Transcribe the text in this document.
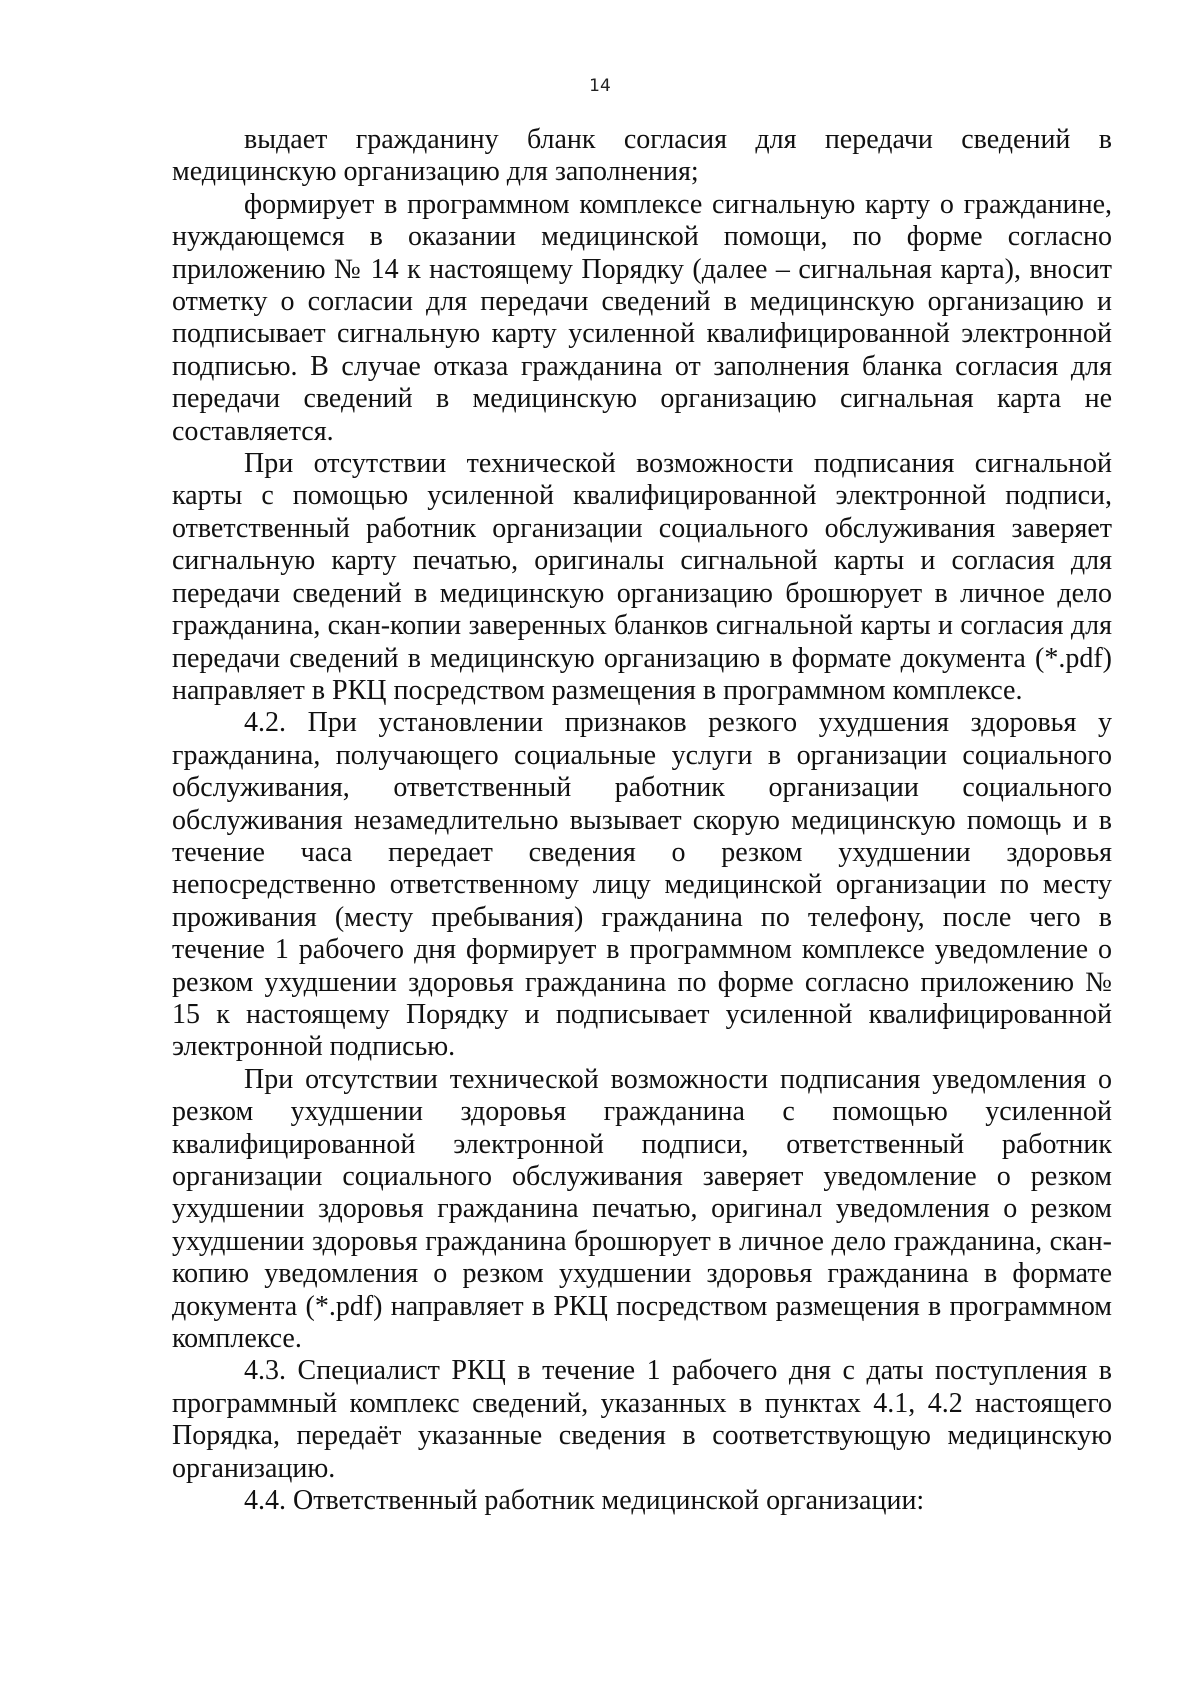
14

выдает гражданину бланк согласия для передачи сведений в медицинскую организацию для заполнения;

формирует в программном комплексе сигнальную карту о гражданине, нуждающемся в оказании медицинской помощи, по форме согласно приложению № 14 к настоящему Порядку (далее – сигнальная карта), вносит отметку о согласии для передачи сведений в медицинскую организацию и подписывает сигнальную карту усиленной квалифицированной электронной подписью. В случае отказа гражданина от заполнения бланка согласия для передачи сведений в медицинскую организацию сигнальная карта не составляется.

При отсутствии технической возможности подписания сигнальной карты с помощью усиленной квалифицированной электронной подписи, ответственный работник организации социального обслуживания заверяет сигнальную карту печатью, оригиналы сигнальной карты и согласия для передачи сведений в медицинскую организацию брошюрует в личное дело гражданина, скан-копии заверенных бланков сигнальной карты и согласия для передачи сведений в медицинскую организацию в формате документа (*.pdf) направляет в РКЦ посредством размещения в программном комплексе.

4.2. При установлении признаков резкого ухудшения здоровья у гражданина, получающего социальные услуги в организации социального обслуживания, ответственный работник организации социального обслуживания незамедлительно вызывает скорую медицинскую помощь и в течение часа передает сведения о резком ухудшении здоровья непосредственно ответственному лицу медицинской организации по месту проживания (месту пребывания) гражданина по телефону, после чего в течение 1 рабочего дня формирует в программном комплексе уведомление о резком ухудшении здоровья гражданина по форме согласно приложению № 15 к настоящему Порядку и подписывает усиленной квалифицированной электронной подписью.

При отсутствии технической возможности подписания уведомления о резком ухудшении здоровья гражданина с помощью усиленной квалифицированной электронной подписи, ответственный работник организации социального обслуживания заверяет уведомление о резком ухудшении здоровья гражданина печатью, оригинал уведомления о резком ухудшении здоровья гражданина брошюрует в личное дело гражданина, скан-копию уведомления о резком ухудшении здоровья гражданина в формате документа (*.pdf) направляет в РКЦ посредством размещения в программном комплексе.

4.3. Специалист РКЦ в течение 1 рабочего дня с даты поступления в программный комплекс сведений, указанных в пунктах 4.1, 4.2 настоящего Порядка, передаёт указанные сведения в соответствующую медицинскую организацию.

4.4. Ответственный работник медицинской организации:
